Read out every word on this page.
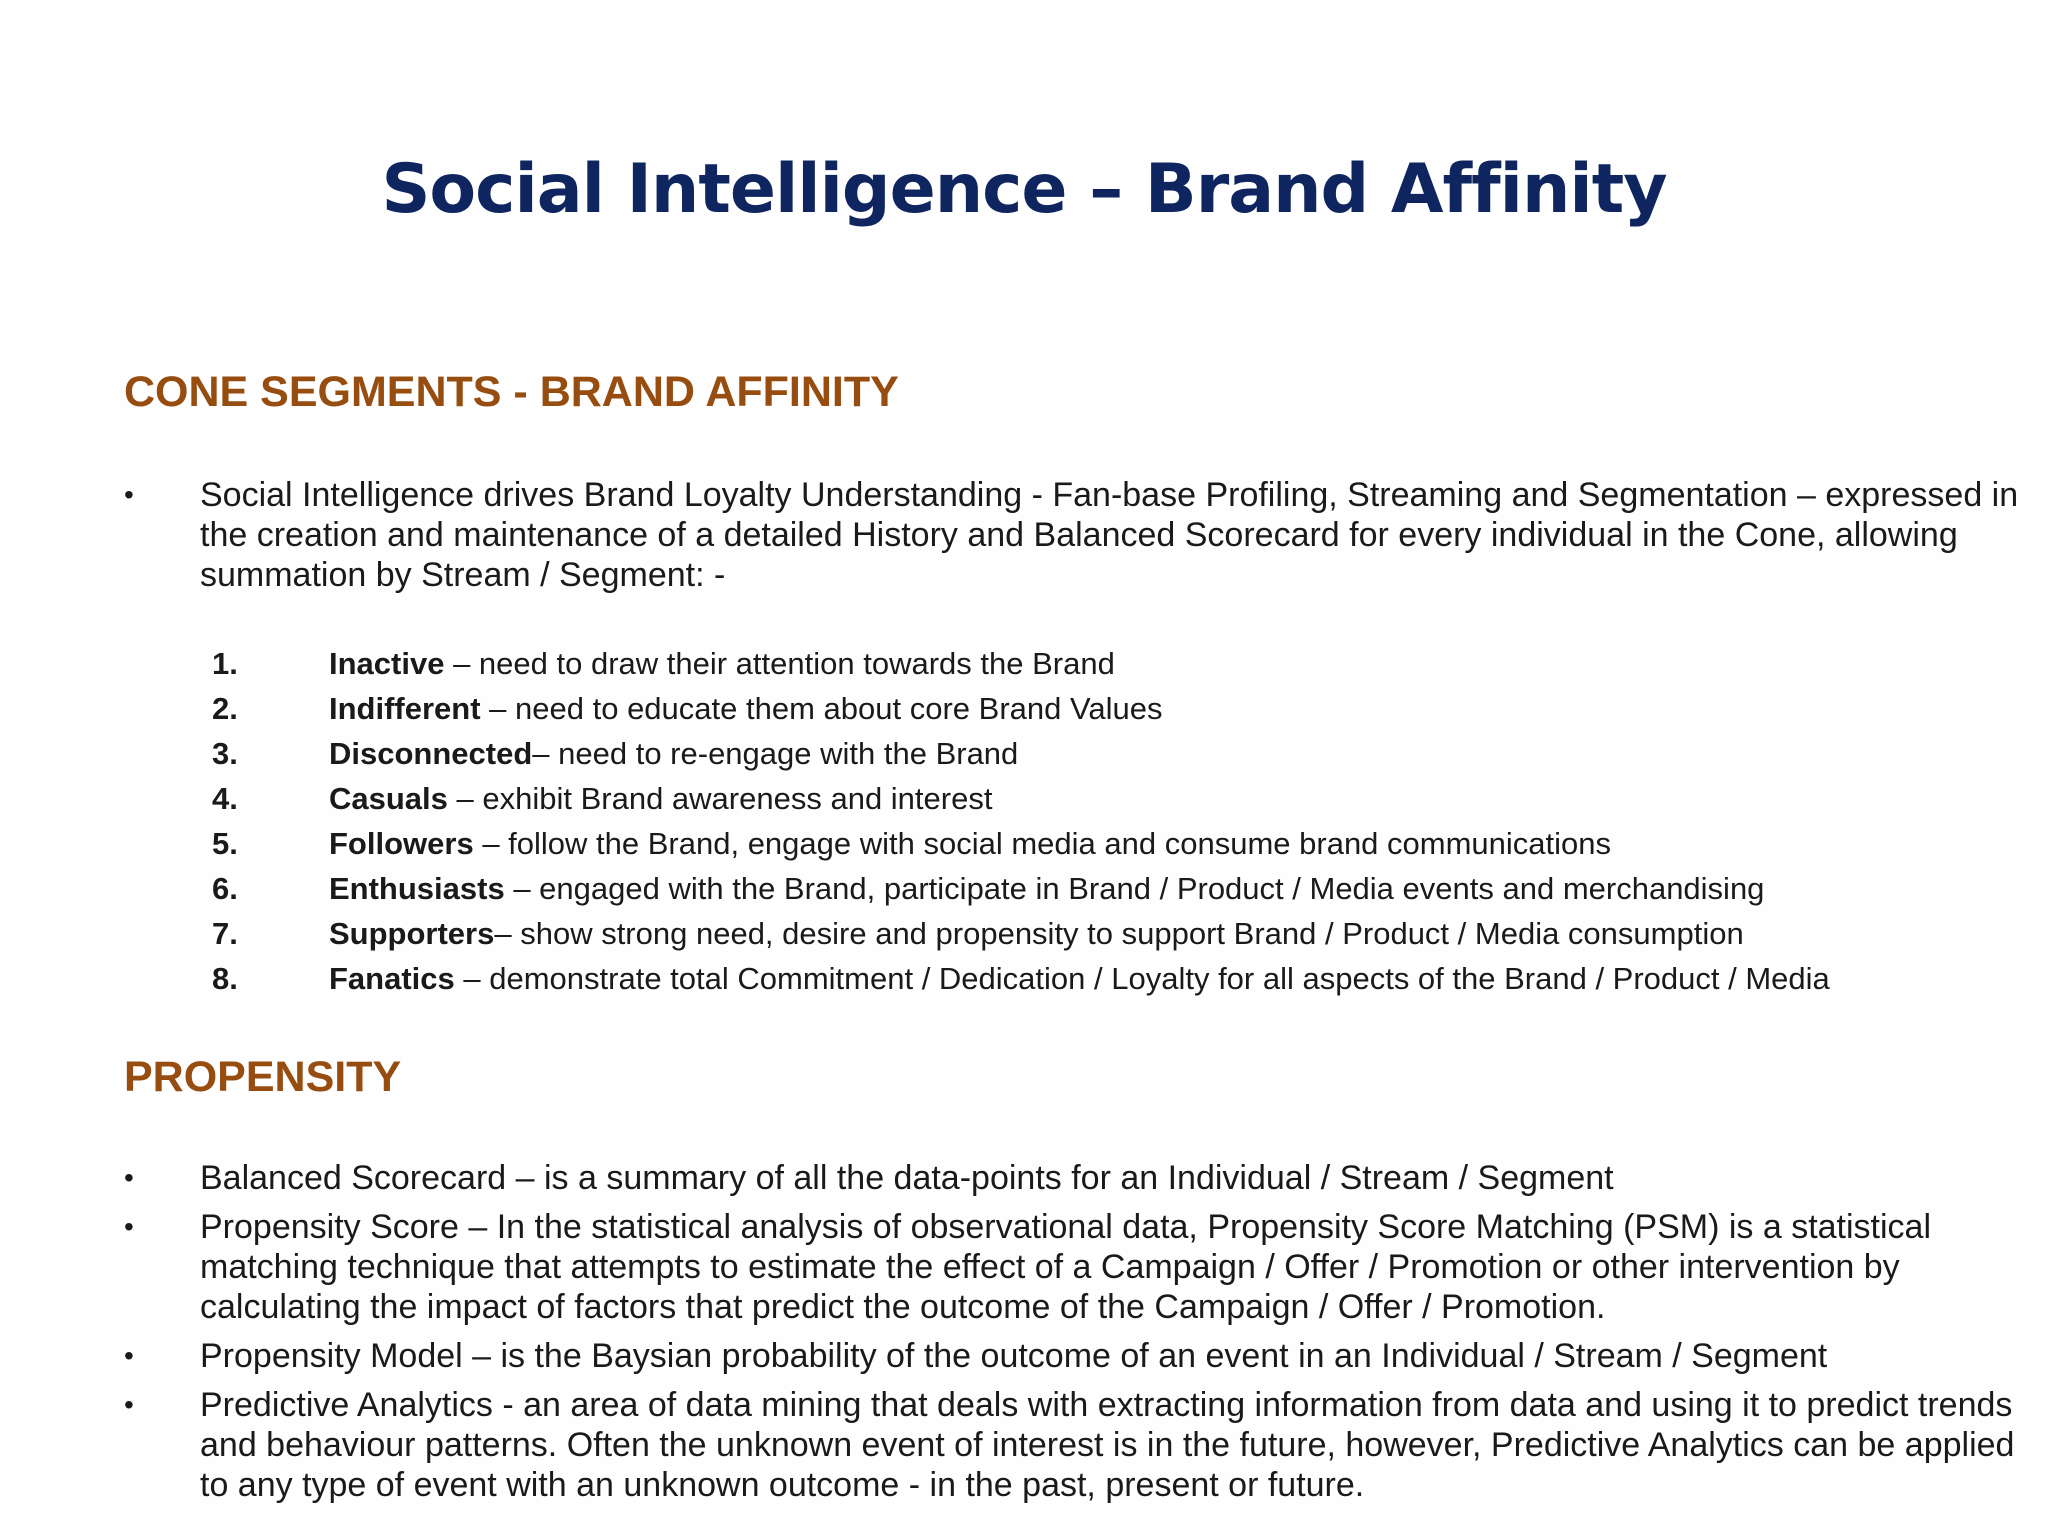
Social Intelligence – Brand Affinity
CONE SEGMENTS - BRAND AFFINITY
• Social Intelligence drives Brand Loyalty Understanding - Fan-base Profiling, Streaming and Segmentation – expressed in the creation and maintenance of a detailed History and Balanced Scorecard for every individual in the Cone, allowing summation by Stream / Segment: -
1.	Inactive – need to draw their attention towards the Brand
2.	Indifferent – need to educate them about core Brand Values
3.	Disconnected– need to re-engage with the Brand
4.	Casuals – exhibit Brand awareness and interest
5.	Followers – follow the Brand, engage with social media and consume brand communications
6.	Enthusiasts – engaged with the Brand, participate in Brand / Product / Media events and merchandising
7.	Supporters– show strong need, desire and propensity to support Brand / Product / Media consumption
8.	Fanatics – demonstrate total Commitment / Dedication / Loyalty for all aspects of the Brand / Product / Media
PROPENSITY
• Balanced Scorecard – is a summary of all the data-points for an Individual / Stream / Segment
• Propensity Score – In the statistical analysis of observational data, Propensity Score Matching (PSM) is a statistical matching technique that attempts to estimate the effect of a Campaign / Offer / Promotion or other intervention by calculating the impact of factors that predict the outcome of the Campaign / Offer / Promotion.
• Propensity Model – is the Baysian probability of the outcome of an event in an Individual / Stream / Segment
• Predictive Analytics - an area of data mining that deals with extracting information from data and using it to predict trends and behaviour patterns. Often the unknown event of interest is in the future, however, Predictive Analytics can be applied to any type of event with an unknown outcome - in the past, present or future.
